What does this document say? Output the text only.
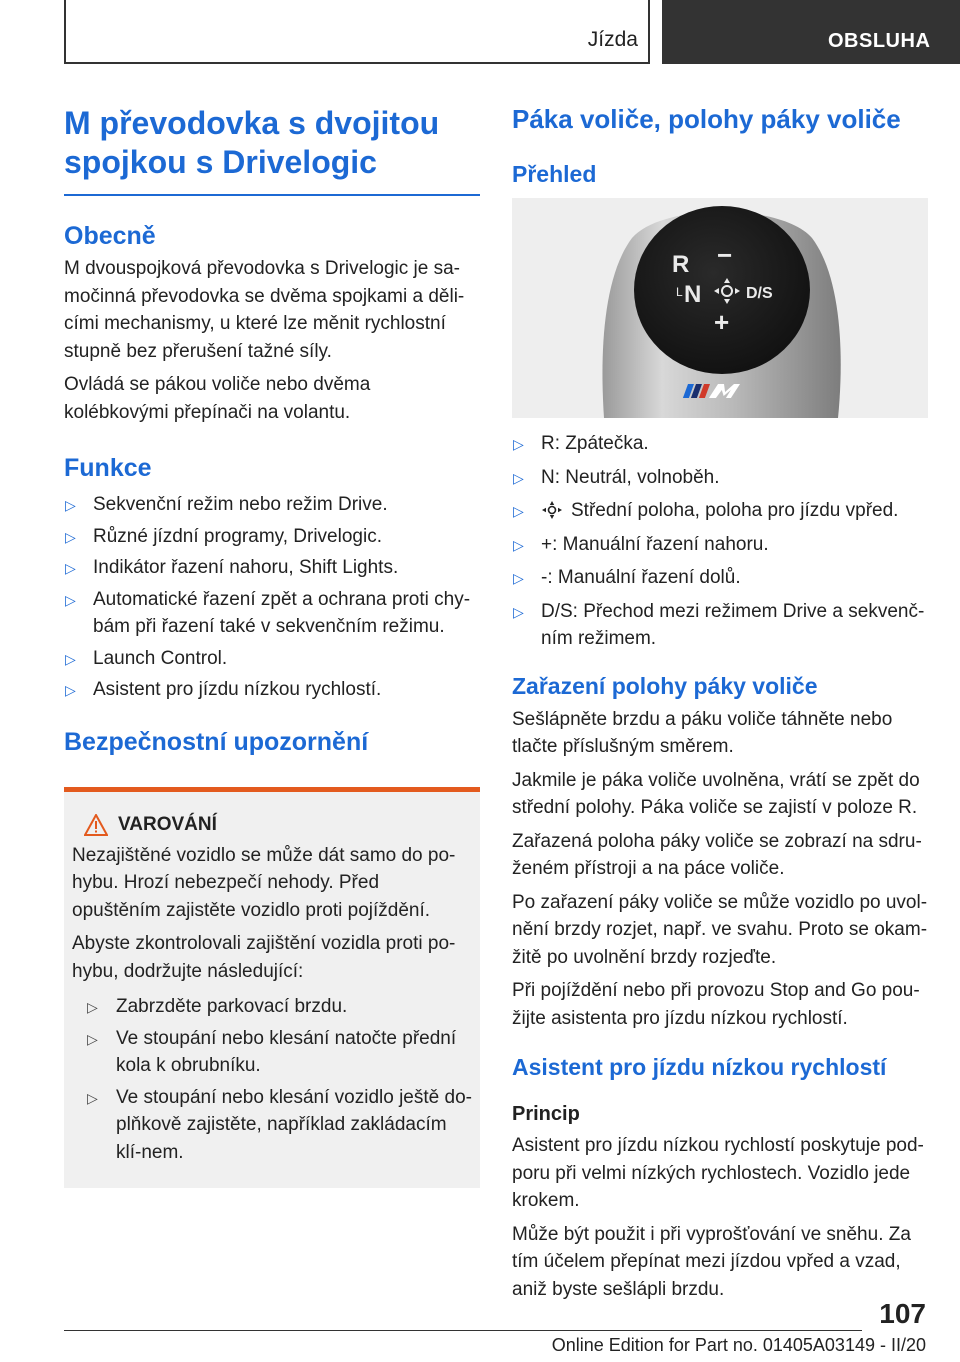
Jízda	OBSLUHA
M převodovka s dvojitou spojkou s Drivelogic
Obecně
M dvouspojková převodovka s Drivelogic je sa-močinná převodovka se dvěma spojkami a děli-cími mechanismy, u které lze měnit rychlostní stupně bez přerušení tažné síly.
Ovládá se pákou voliče nebo dvěma kolébkovými přepínači na volantu.
Funkce
▷ Sekvenční režim nebo režim Drive.
▷ Různé jízdní programy, Drivelogic.
▷ Indikátor řazení nahoru, Shift Lights.
▷ Automatické řazení zpět a ochrana proti chy-bám při řazení také v sekvenčním režimu.
▷ Launch Control.
▷ Asistent pro jízdu nízkou rychlostí.
Bezpečnostní upozornění
VAROVÁNÍ
Nezajištěné vozidlo se může dát samo do po-hybu. Hrozí nebezpečí nehody. Před opuštěním zajistěte vozidlo proti pojíždění.
Abyste zkontrolovali zajištění vozidla proti po-hybu, dodržujte následující:
▷ Zabrzděte parkovací brzdu.
▷ Ve stoupání nebo klesání natočte přední kola k obrubníku.
▷ Ve stoupání nebo klesání vozidlo ještě do-plňkově zajistěte, například zakládacím klí-nem.
Páka voliče, polohy páky voliče
Přehled
R −
L N	D/S
+
▷ R: Zpátečka.
▷ N: Neutrál, volnoběh.
▷ Střední poloha, poloha pro jízdu vpřed.
▷ +: Manuální řazení nahoru.
▷ -: Manuální řazení dolů.
▷ D/S: Přechod mezi režimem Drive a sekvenč-ním režimem.
Zařazení polohy páky voliče
Sešlápněte brzdu a páku voliče táhněte nebo tlačte příslušným směrem.
Jakmile je páka voliče uvolněna, vrátí se zpět do střední polohy. Páka voliče se zajistí v poloze R.
Zařazená poloha páky voliče se zobrazí na sdru-ženém přístroji a na páce voliče.
Po zařazení páky voliče se může vozidlo po uvol-nění brzdy rozjet, např. ve svahu. Proto se okam-žitě po uvolnění brzdy rozjeďte.
Při pojíždění nebo při provozu Stop and Go pou-žijte asistenta pro jízdu nízkou rychlostí.
Asistent pro jízdu nízkou rychlostí
Princip
Asistent pro jízdu nízkou rychlostí poskytuje pod-poru při velmi nízkých rychlostech. Vozidlo jede krokem.
Může být použit i při vyprošťování ve sněhu. Za tím účelem přepínat mezi jízdou vpřed a vzad, aniž byste sešlápli brzdu.
107
Online Edition for Part no. 01405A03149 - II/20
